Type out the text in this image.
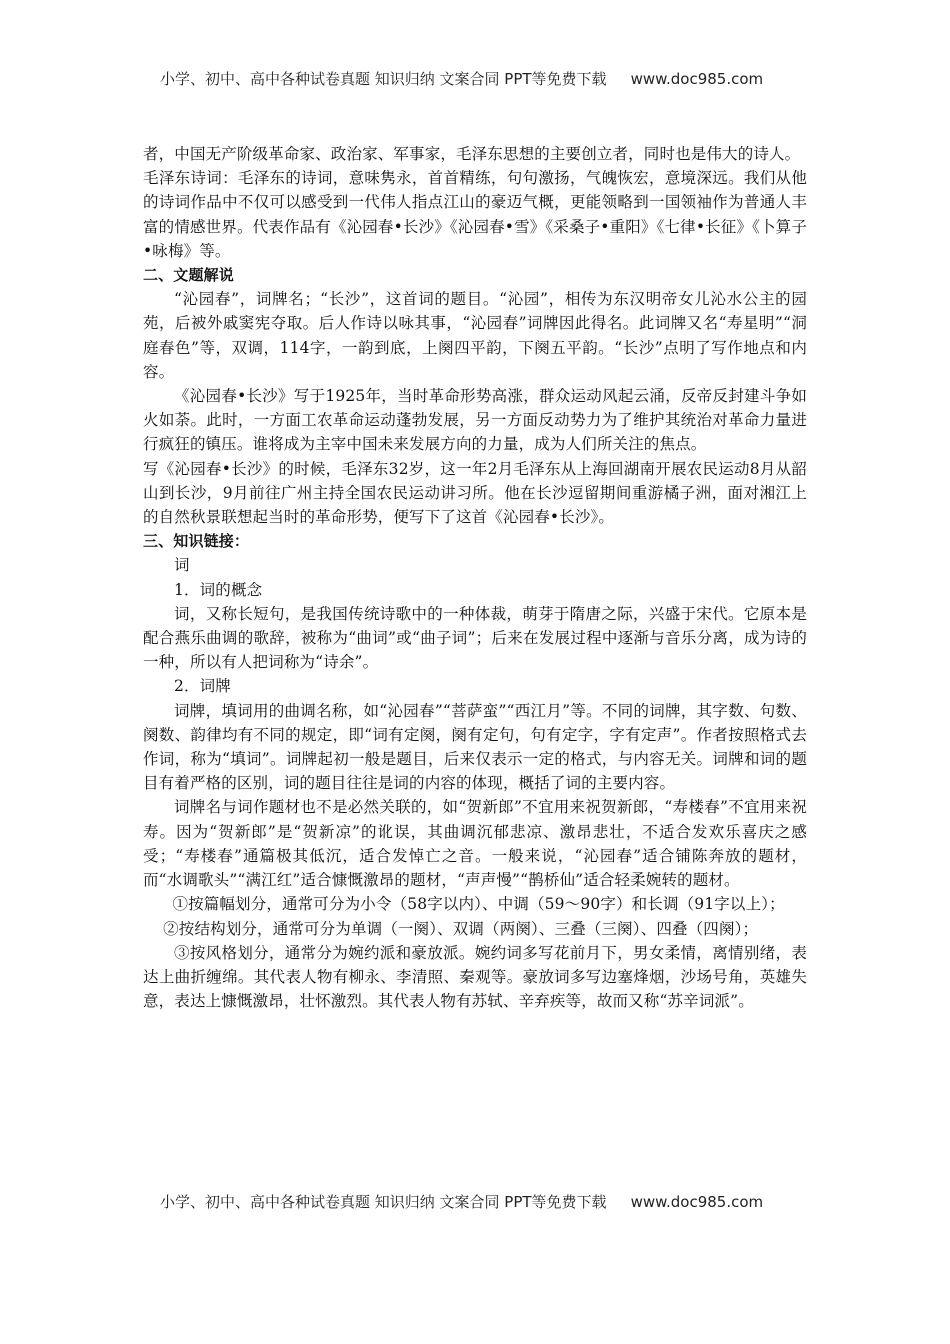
小学、初中、高中各种试卷真题 知识归纳 文案合同 PPT等免费下载 www.doc985.com

者，中国无产阶级革命家、政治家、军事家，毛泽东思想的主要创立者，同时也是伟大的诗人。

毛泽东诗词：毛泽东的诗词，意味隽永，首首精练，句句激扬，气魄恢宏，意境深远。我们从他的诗词作品中不仅可以感受到一代伟人指点江山的豪迈气概，更能领略到一国领袖作为普通人丰富的情感世界。代表作品有《沁园春•长沙》《沁园春•雪》《采桑子•重阳》《七律•长征》《卜算子•咏梅》等。

二、文题解说

“沁园春”，词牌名；“长沙”，这首词的题目。“沁园”，相传为东汉明帝女儿沁水公主的园苑，后被外戚窦宪夺取。后人作诗以咏其事，“沁园春”词牌因此得名。此词牌又名“寿星明”“洞庭春色”等，双调，114字，一韵到底，上阕四平韵，下阕五平韵。“长沙”点明了写作地点和内容。

《沁园春•长沙》写于1925年，当时革命形势高涨，群众运动风起云涌，反帝反封建斗争如火如荼。此时，一方面工农革命运动蓬勃发展，另一方面反动势力为了维护其统治对革命力量进行疯狂的镇压。谁将成为主宰中国未来发展方向的力量，成为人们所关注的焦点。

写《沁园春•长沙》的时候，毛泽东32岁，这一年2月毛泽东从上海回湖南开展农民运动8月从韶山到长沙，9月前往广州主持全国农民运动讲习所。他在长沙逗留期间重游橘子洲，面对湘江上的自然秋景联想起当时的革命形势，便写下了这首《沁园春•长沙》。

三、知识链接：

词

1．词的概念

词，又称长短句，是我国传统诗歌中的一种体裁，萌芽于隋唐之际，兴盛于宋代。它原本是配合燕乐曲调的歌辞，被称为“曲词”或“曲子词”；后来在发展过程中逐渐与音乐分离，成为诗的一种，所以有人把词称为“诗余”。

2．词牌

词牌，填词用的曲调名称，如“沁园春”“菩萨蛮”“西江月”等。不同的词牌，其字数、句数、阕数、韵律均有不同的规定，即“词有定阕，阕有定句，句有定字，字有定声”。作者按照格式去作词，称为“填词”。词牌起初一般是题目，后来仅表示一定的格式，与内容无关。词牌和词的题目有着严格的区别，词的题目往往是词的内容的体现，概括了词的主要内容。

词牌名与词作题材也不是必然关联的，如“贺新郎”不宜用来祝贺新郎，“寿楼春”不宜用来祝寿。因为“贺新郎”是“贺新凉”的讹误，其曲调沉郁悲凉、激昂悲壮，不适合发欢乐喜庆之感受；“寿楼春”通篇极其低沉，适合发悼亡之音。一般来说，“沁园春”适合铺陈奔放的题材，而“水调歌头”“满江红”适合慷慨激昂的题材，“声声慢”“鹊桥仙”适合轻柔婉转的题材。

①按篇幅划分，通常可分为小令（58字以内）、中调（59～90字）和长调（91字以上）；

②按结构划分，通常可分为单调（一阕）、双调（两阕）、三叠（三阕）、四叠（四阕）；

③按风格划分，通常分为婉约派和豪放派。婉约词多写花前月下，男女柔情，离情别绪，表达上曲折缠绵。其代表人物有柳永、李清照、秦观等。豪放词多写边塞烽烟，沙场号角，英雄失意，表达上慷慨激昂，壮怀激烈。其代表人物有苏轼、辛弃疾等，故而又称“苏辛词派”。

小学、初中、高中各种试卷真题 知识归纳 文案合同 PPT等免费下载 www.doc985.com
